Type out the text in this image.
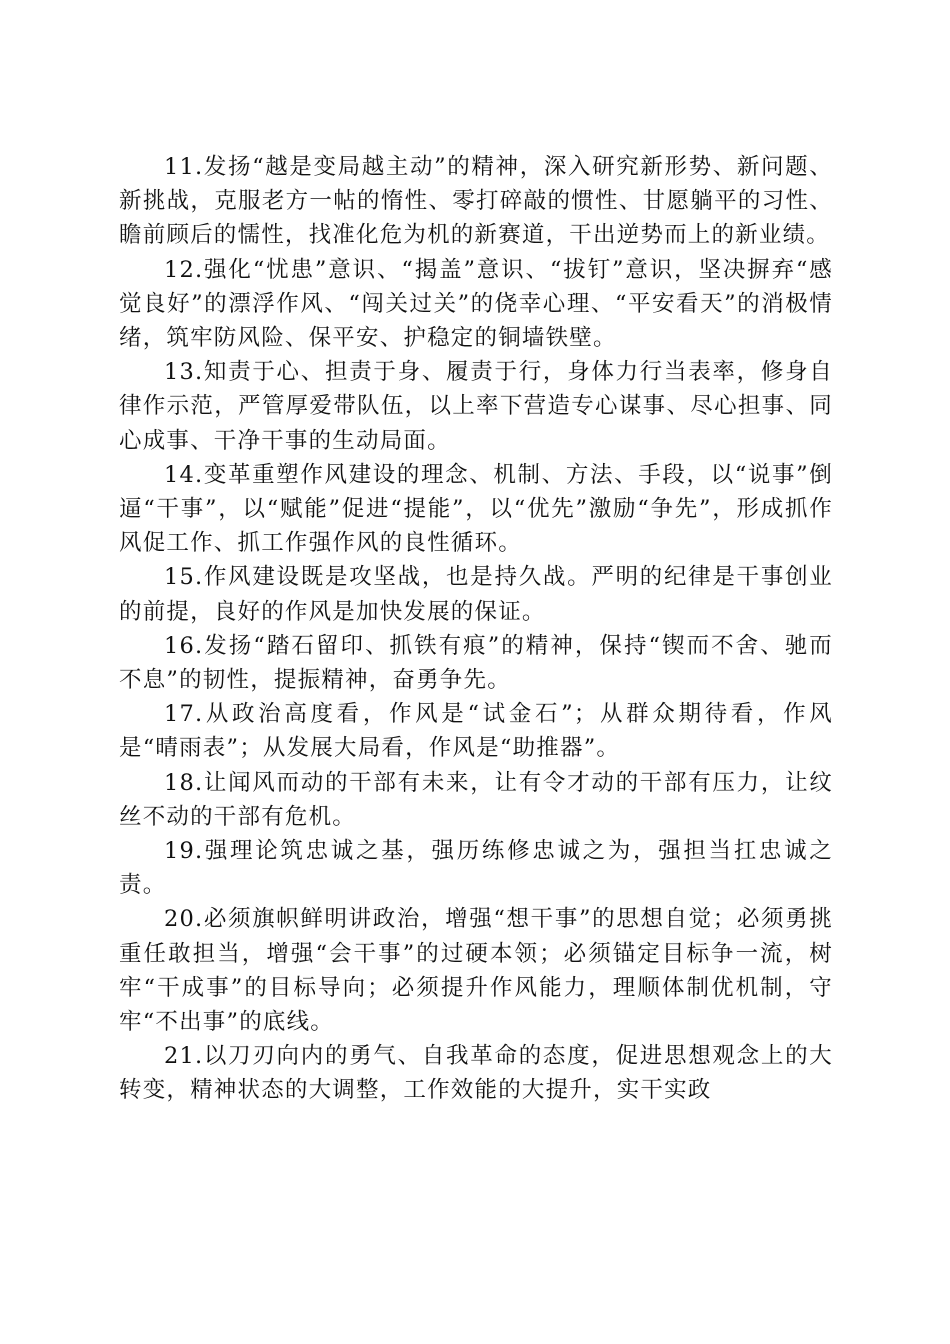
11.发扬“越是变局越主动”的精神，深入研究新形势、新问题、新挑战，克服老方一帖的惰性、零打碎敲的惯性、甘愿躺平的习性、瞻前顾后的懦性，找准化危为机的新赛道，干出逆势而上的新业绩。

12.强化“忧患”意识、“揭盖”意识、“拔钉”意识，坚决摒弃“感觉良好”的漂浮作风、“闯关过关”的侥幸心理、“平安看天”的消极情绪，筑牢防风险、保平安、护稳定的铜墙铁壁。

13.知责于心、担责于身、履责于行，身体力行当表率，修身自律作示范，严管厚爱带队伍，以上率下营造专心谋事、尽心担事、同心成事、干净干事的生动局面。

14.变革重塑作风建设的理念、机制、方法、手段，以“说事”倒逼“干事”，以“赋能”促进“提能”，以“优先”激励“争先”，形成抓作风促工作、抓工作强作风的良性循环。

15.作风建设既是攻坚战，也是持久战。严明的纪律是干事创业的前提，良好的作风是加快发展的保证。

16.发扬“踏石留印、抓铁有痕”的精神，保持“锲而不舍、驰而不息”的韧性，提振精神，奋勇争先。

17.从政治高度看，作风是“试金石”；从群众期待看，作风是“晴雨表”；从发展大局看，作风是“助推器”。

18.让闻风而动的干部有未来，让有令才动的干部有压力，让纹丝不动的干部有危机。

19.强理论筑忠诚之基，强历练修忠诚之为，强担当扛忠诚之责。

20.必须旗帜鲜明讲政治，增强“想干事”的思想自觉；必须勇挑重任敢担当，增强“会干事”的过硬本领；必须锚定目标争一流，树牢“干成事”的目标导向；必须提升作风能力，理顺体制优机制，守牢“不出事”的底线。

21.以刀刃向内的勇气、自我革命的态度，促进思想观念上的大转变，精神状态的大调整，工作效能的大提升，实干实政
